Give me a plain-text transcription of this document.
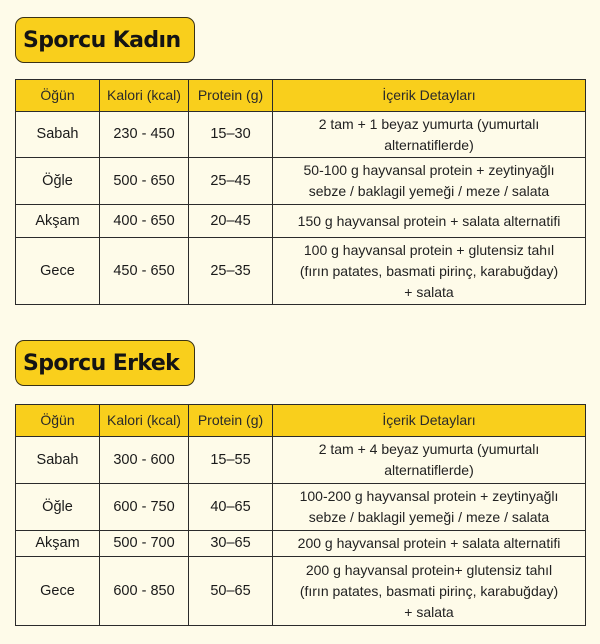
Sporcu Kadın
Öğün	Kalori (kcal)	Protein (g)	İçerik Detayları
Sabah	230 - 450	15–30	2 tam + 1 beyaz yumurta (yumurtalı
alternatiflerde)

Öğle	500 - 650	25–45	50-100 g hayvansal protein + zeytinyağlı
sebze / baklagil yemeği / meze / salata

Akşam	400 - 650	20–45	150 g hayvansal protein + salata alternatifi

Gece	450 - 650	25–35	100 g hayvansal protein + glutensiz tahıl
(fırın patates, basmati pirinç, karabuğday)
+ salata
Sporcu Erkek
Öğün	Kalori (kcal)	Protein (g)	İçerik Detayları
Sabah	300 - 600	15–55	2 tam + 4 beyaz yumurta (yumurtalı
alternatiflerde)

Öğle	600 - 750	40–65	100-200 g hayvansal protein + zeytinyağlı
sebze / baklagil yemeği / meze / salata

Akşam	500 - 700	30–65	200 g hayvansal protein + salata alternatifi

Gece	600 - 850	50–65	200 g hayvansal protein+ glutensiz tahıl
(fırın patates, basmati pirinç, karabuğday)
+ salata
